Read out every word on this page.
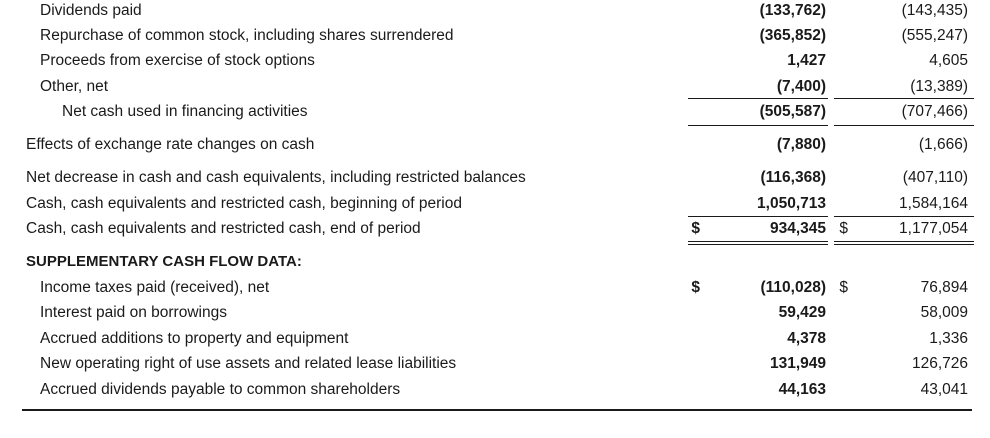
Dividends paid	(133,762)	(143,435)
Repurchase of common stock, including shares surrendered	(365,852)	(555,247)
Proceeds from exercise of stock options	1,427	4,605
Other, net	(7,400)	(13,389)
Net cash used in financing activities	(505,587)	(707,466)
Effects of exchange rate changes on cash	(7,880)	(1,666)
Net decrease in cash and cash equivalents, including restricted balances	(116,368)	(407,110)
Cash, cash equivalents and restricted cash, beginning of period	1,050,713	1,584,164
Cash, cash equivalents and restricted cash, end of period	$	934,345 $	1,177,054
SUPPLEMENTARY CASH FLOW DATA:
Income taxes paid (received), net	$	(110,028) $	76,894
Interest paid on borrowings	59,429	58,009
Accrued additions to property and equipment	4,378	1,336
New operating right of use assets and related lease liabilities	131,949	126,726
Accrued dividends payable to common shareholders	44,163	43,041
